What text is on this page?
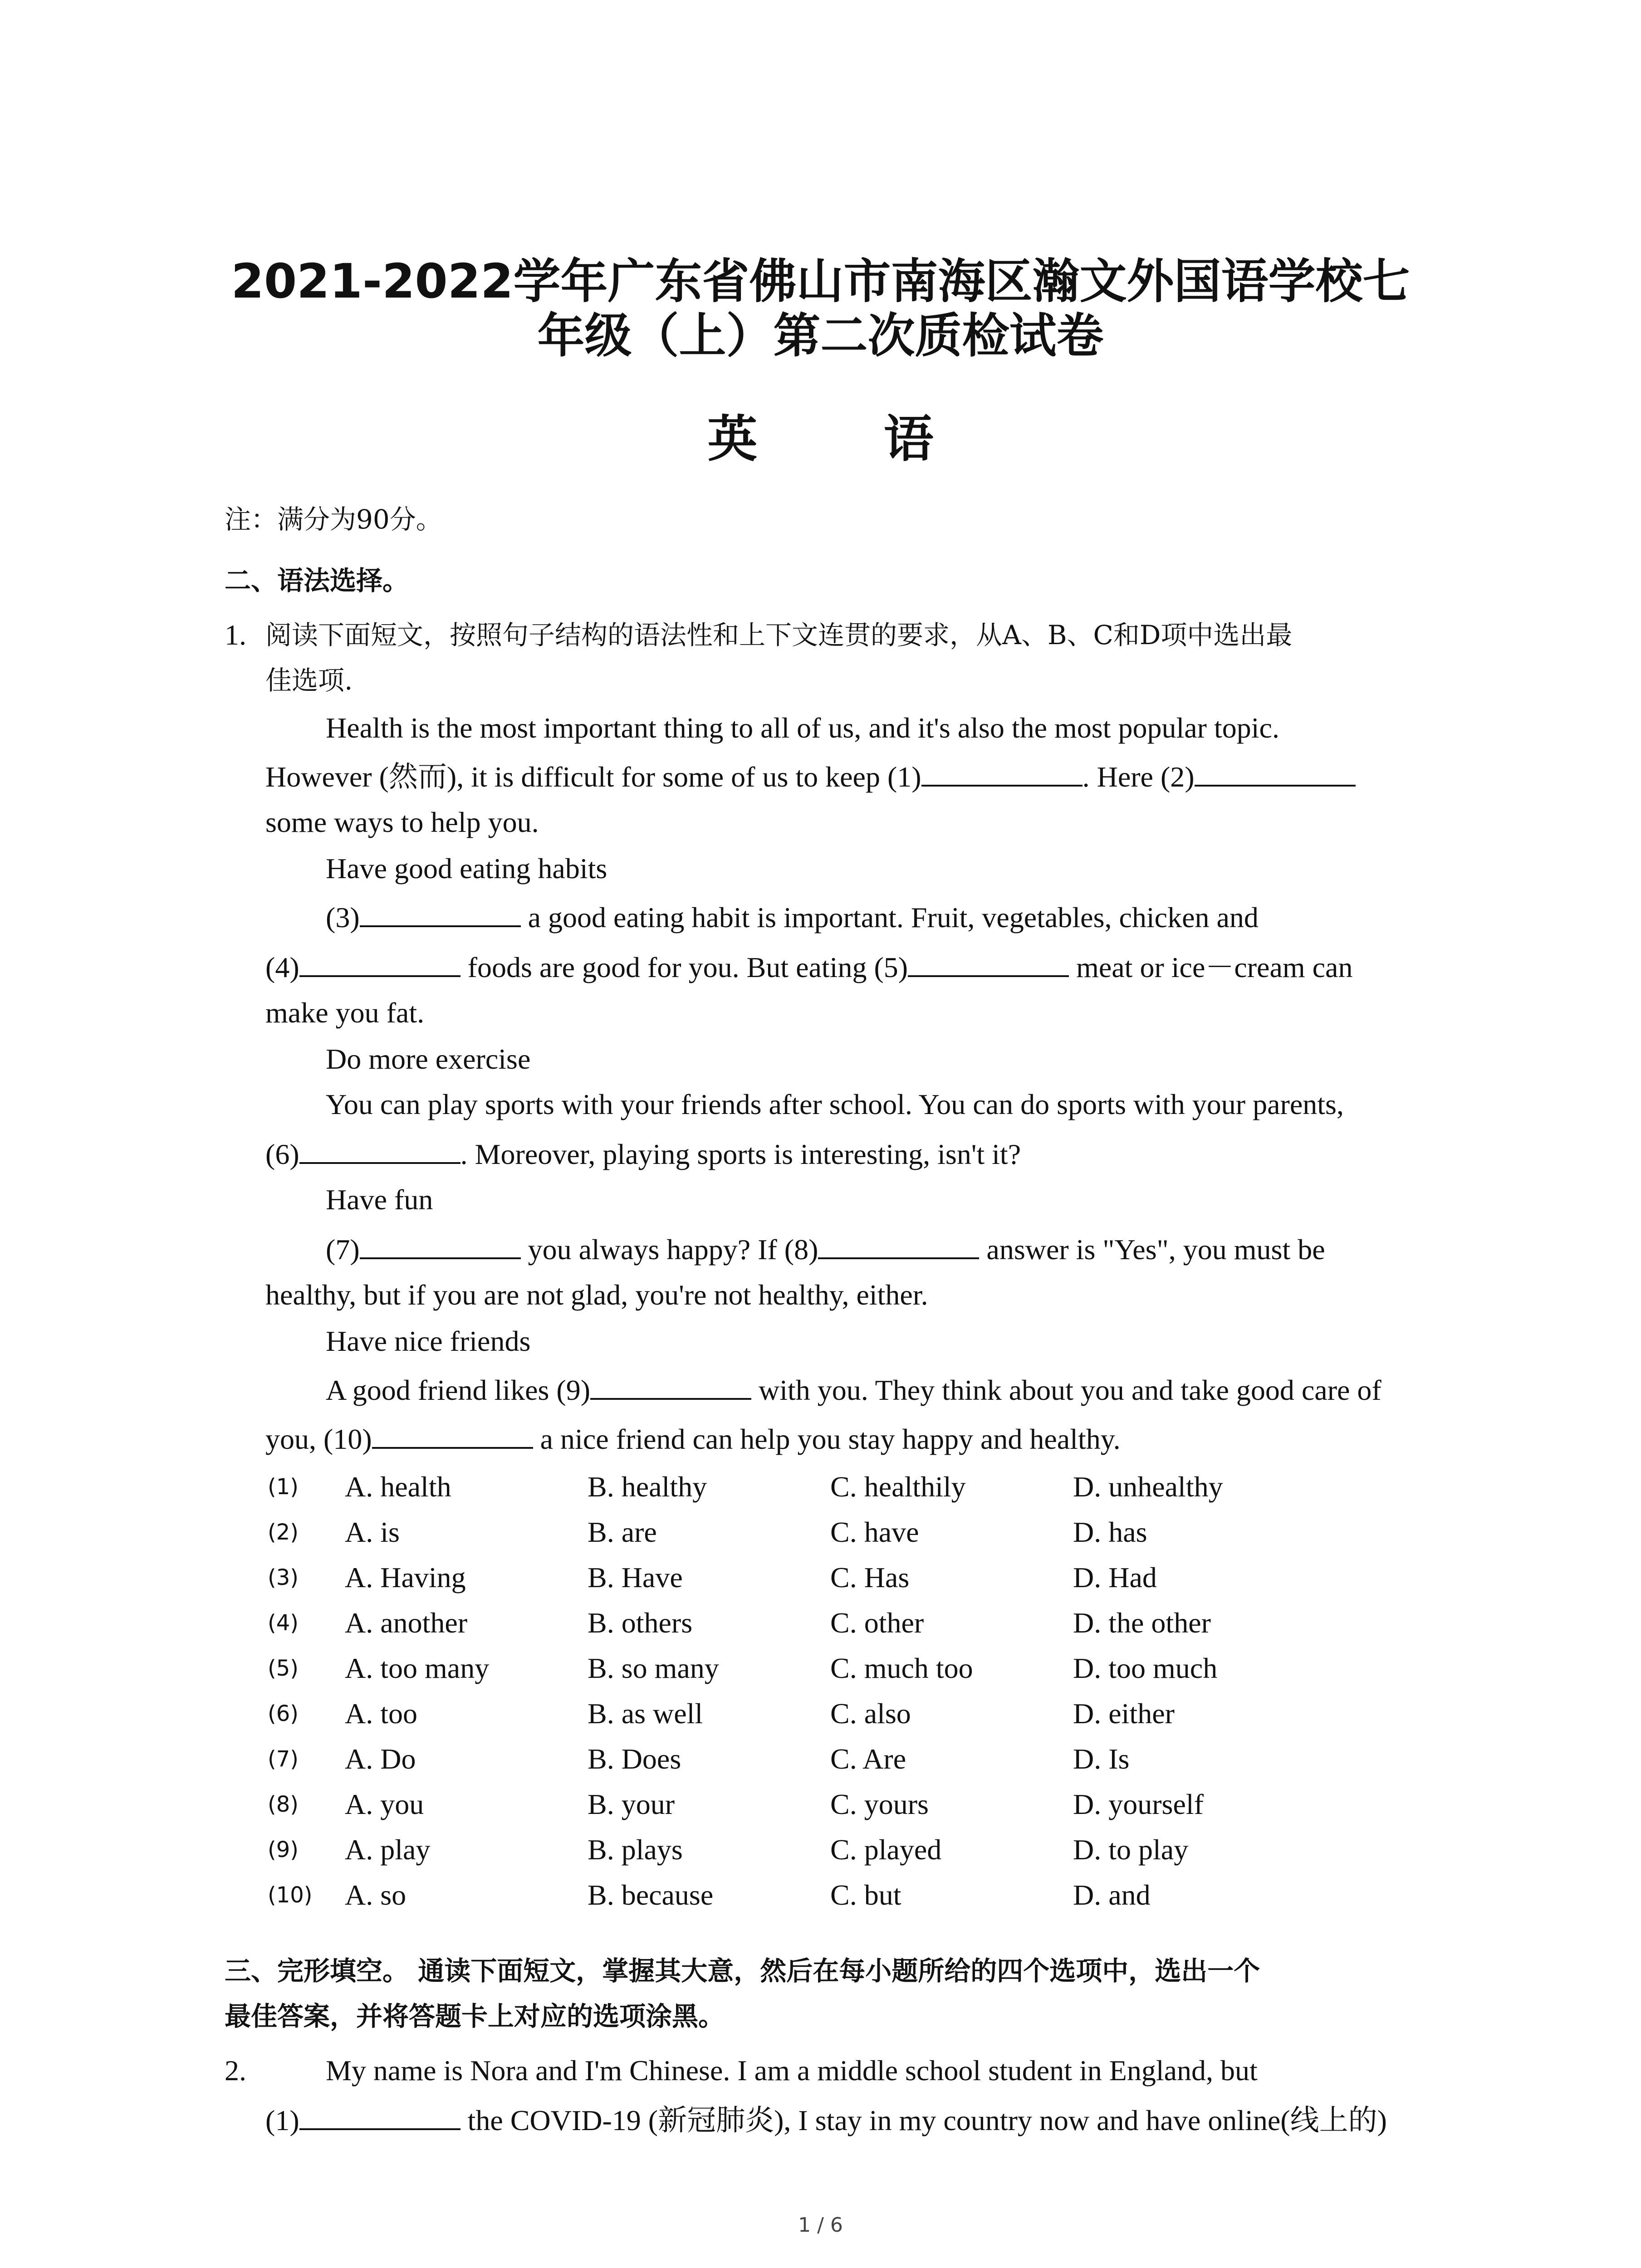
2021-2022学年广东省佛山市南海区瀚文外国语学校七
年级（上）第二次质检试卷
英 语
注：满分为90分。
二、语法选择。
1. 阅读下面短文，按照句子结构的语法性和上下文连贯的要求，从A、B、C和D项中选出最
佳选项.
Health is the most important thing to all of us, and it's also the most popular topic.
However (然而), it is difficult for some of us to keep (1)	. Here (2)
some ways to help you.
Have good eating habits
(3)	a good eating habit is important. Fruit, vegetables, chicken and
(4)	foods are good for you. But eating (5)	meat or ice－cream can
make you fat.
Do more exercise
You can play sports with your friends after school. You can do sports with your parents,
(6)	. Moreover, playing sports is interesting, isn't it?
Have fun
(7)	you always happy? If (8)	answer is "Yes", you must be
healthy, but if you are not glad, you're not healthy, either.
Have nice friends
A good friend likes (9)	with you. They think about you and take good care of
you, (10)	a nice friend can help you stay happy and healthy.
(1)	A. health	B. healthy	C. healthily	D. unhealthy
(2)	A. is	B. are	C. have	D. has
(3)	A. Having	B. Have	C. Has	D. Had
(4)	A. another	B. others	C. other	D. the other
(5)	A. too many	B. so many	C. much too	D. too much
(6)	A. too	B. as well	C. also	D. either
(7)	A. Do	B. Does	C. Are	D. Is
(8)	A. you	B. your	C. yours	D. yourself
(9)	A. play	B. plays	C. played	D. to play
(10) A. so	B. because	C. but	D. and
三、完形填空。 通读下面短文，掌握其大意，然后在每小题所给的四个选项中，选出一个
最佳答案，并将答题卡上对应的选项涂黑。
2.	My name is Nora and I'm Chinese. I am a middle school student in England, but
(1)	the COVID-19 (新冠肺炎), I stay in my country now and have online(线上的)
1 / 6
